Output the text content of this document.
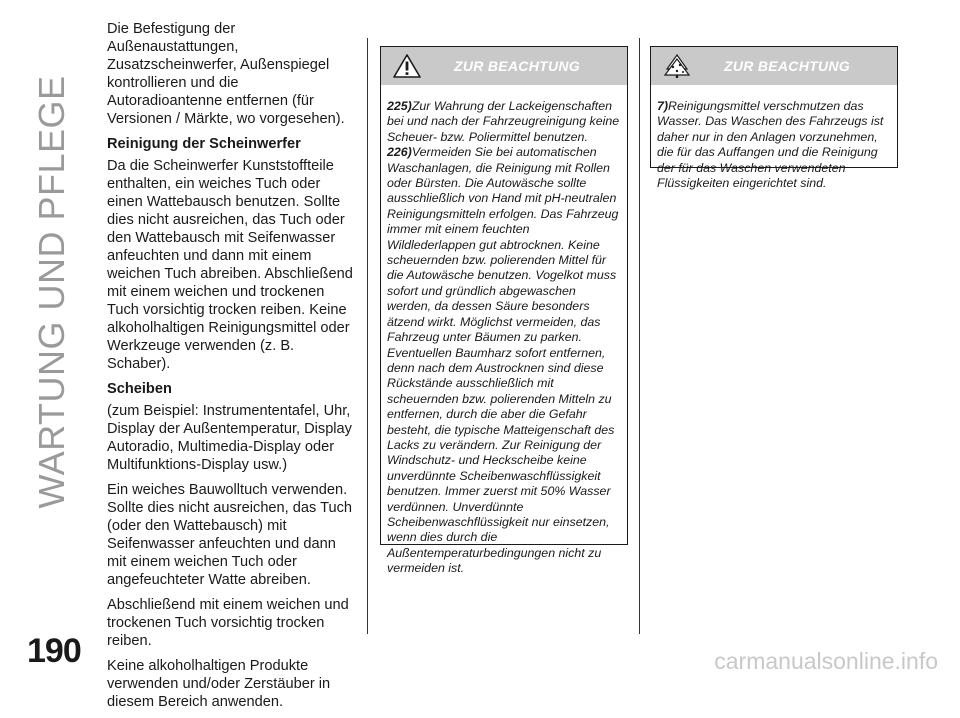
WARTUNG UND PFLEGE

Die Befestigung der Außenaustattungen, Zusatzscheinwerfer, Außenspiegel kontrollieren und die Autoradioantenne entfernen (für Versionen / Märkte, wo vorgesehen).

Reinigung der Scheinwerfer

Da die Scheinwerfer Kunststoffteile enthalten, ein weiches Tuch oder einen Wattebausch benutzen. Sollte dies nicht ausreichen, das Tuch oder den Wattebausch mit Seifenwasser anfeuchten und dann mit einem weichen Tuch abreiben. Abschließend mit einem weichen und trockenen Tuch vorsichtig trocken reiben. Keine alkoholhaltigen Reinigungsmittel oder Werkzeuge verwenden (z. B. Schaber).

Scheiben

(zum Beispiel: Instrumententafel, Uhr, Display der Außentemperatur, Display Autoradio, Multimedia-Display oder Multifunktions-Display usw.)

Ein weiches Bauwolltuch verwenden. Sollte dies nicht ausreichen, das Tuch (oder den Wattebausch) mit Seifenwasser anfeuchten und dann mit einem weichen Tuch oder angefeuchteter Watte abreiben.

Abschließend mit einem weichen und trockenen Tuch vorsichtig trocken reiben.

Keine alkoholhaltigen Produkte verwenden und/oder Zerstäuber in diesem Bereich anwenden.

ZUR BEACHTUNG

225)Zur Wahrung der Lackeigenschaften bei und nach der Fahrzeugreinigung keine Scheuer- bzw. Poliermittel benutzen.

226)Vermeiden Sie bei automatischen Waschanlagen, die Reinigung mit Rollen oder Bürsten. Die Autowäsche sollte ausschließlich von Hand mit pH-neutralen Reinigungsmitteln erfolgen. Das Fahrzeug immer mit einem feuchten Wildlederlappen gut abtrocknen. Keine scheuernden bzw. polierenden Mittel für die Autowäsche benutzen. Vogelkot muss sofort und gründlich abgewaschen werden, da dessen Säure besonders ätzend wirkt. Möglichst vermeiden, das Fahrzeug unter Bäumen zu parken. Eventuellen Baumharz sofort entfernen, denn nach dem Austrocknen sind diese Rückstände ausschließlich mit scheuernden bzw. polierenden Mitteln zu entfernen, durch die aber die Gefahr besteht, die typische Matteigenschaft des Lacks zu verändern. Zur Reinigung der Windschutz- und Heckscheibe keine unverdünnte Scheibenwaschflüssigkeit benutzen. Immer zuerst mit 50% Wasser verdünnen. Unverdünnte Scheibenwaschflüssigkeit nur einsetzen, wenn dies durch die Außentemperaturbedingungen nicht zu vermeiden ist.

ZUR BEACHTUNG

7)Reinigungsmittel verschmutzen das Wasser. Das Waschen des Fahrzeugs ist daher nur in den Anlagen vorzunehmen, die für das Auffangen und die Reinigung der für das Waschen verwendeten Flüssigkeiten eingerichtet sind.

190	carmanualsonline.info
